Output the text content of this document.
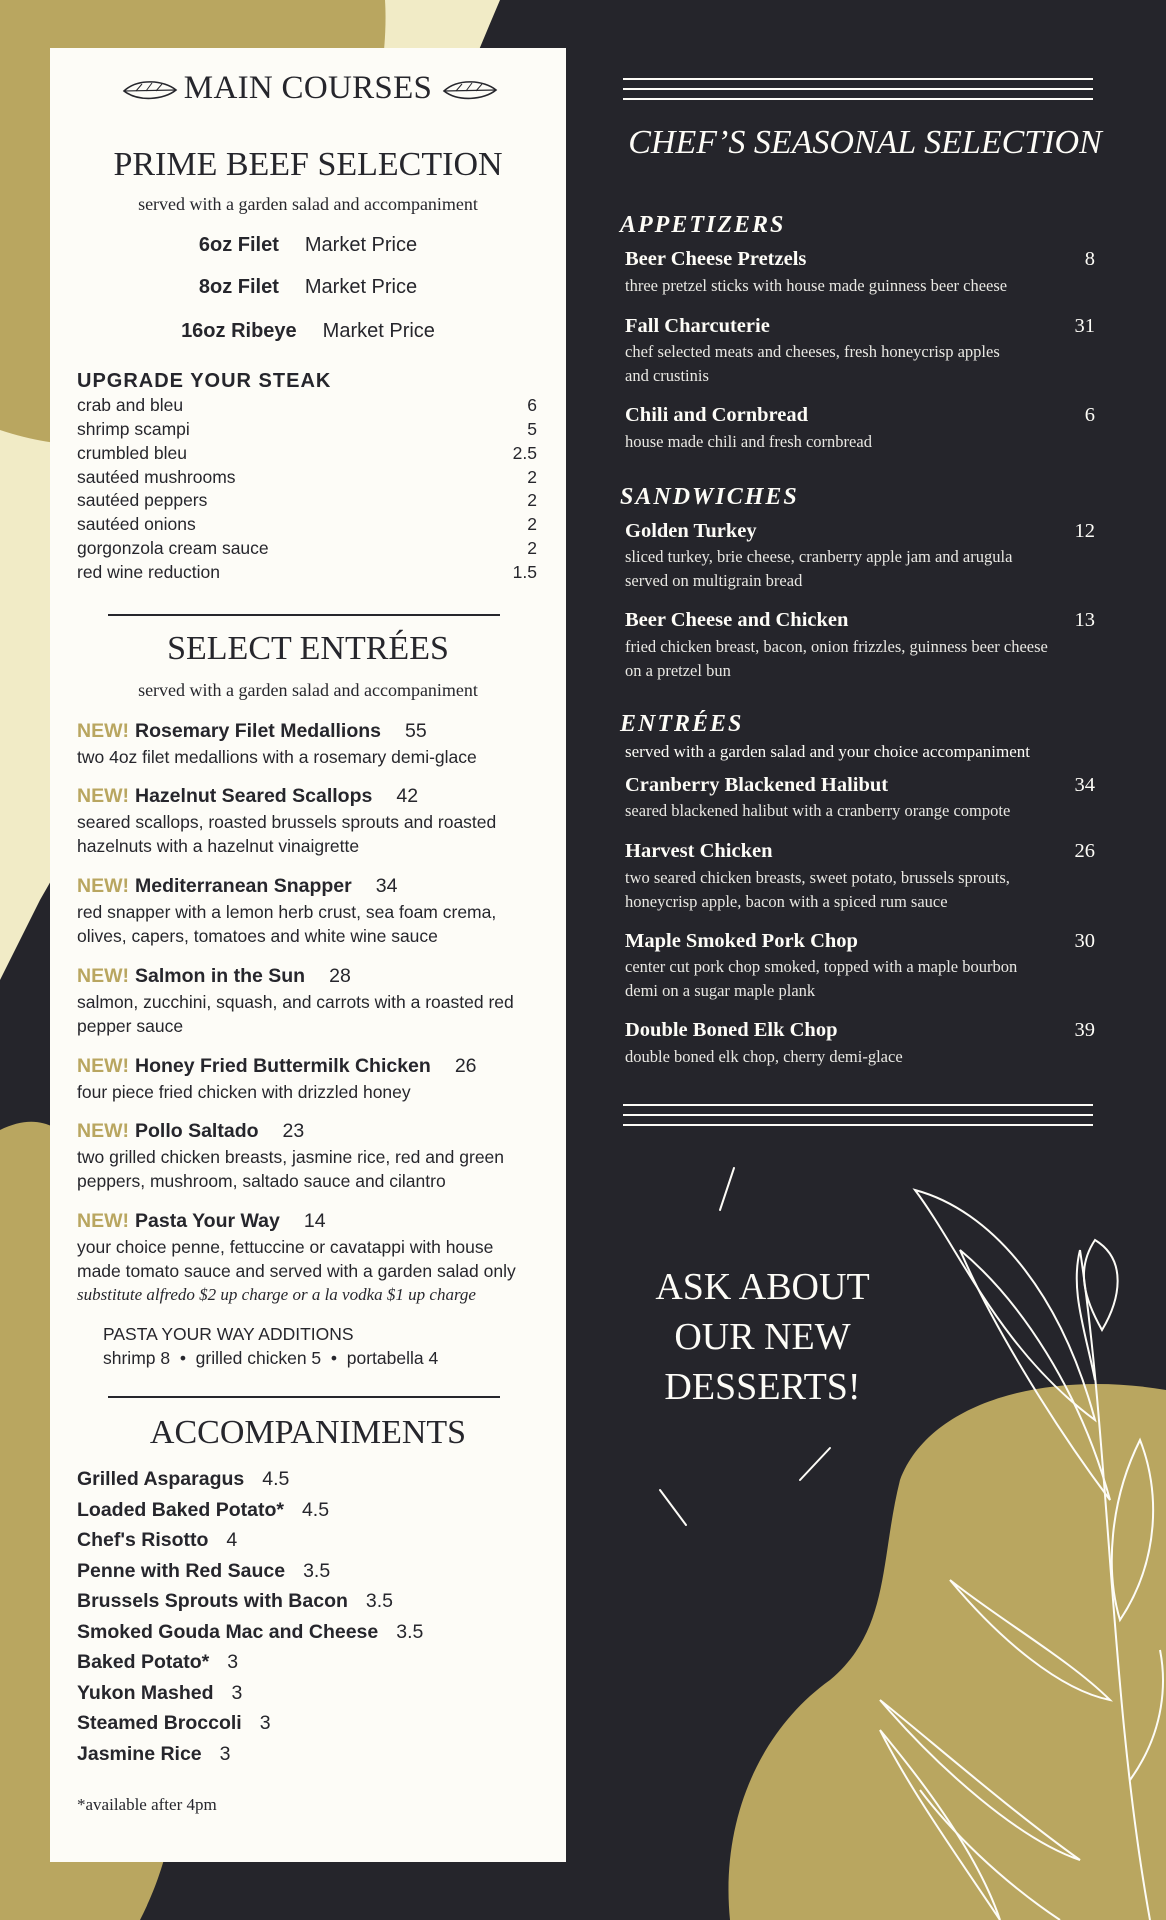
MAIN COURSES
PRIME BEEF SELECTION
served with a garden salad and accompaniment
6oz Filet Market Price
8oz Filet Market Price
16oz Ribeye Market Price
UPGRADE YOUR STEAK
crab and bleu	6
shrimp scampi	5
crumbled bleu	2.5
sautéed mushrooms	2
sautéed peppers	2
sautéed onions	2
gorgonzola cream sauce	2
red wine reduction	1.5
SELECT ENTRÉES
served with a garden salad and accompaniment
NEW! Rosemary Filet Medallions 55
two 4oz filet medallions with a rosemary demi-glace
NEW! Hazelnut Seared Scallops 42
seared scallops, roasted brussels sprouts and roasted
hazelnuts with a hazelnut vinaigrette
NEW! Mediterranean Snapper 34
red snapper with a lemon herb crust, sea foam crema,
olives, capers, tomatoes and white wine sauce
NEW! Salmon in the Sun 28
salmon, zucchini, squash, and carrots with a roasted red
pepper sauce
NEW! Honey Fried Buttermilk Chicken 26
four piece fried chicken with drizzled honey
NEW! Pollo Saltado 23
two grilled chicken breasts, jasmine rice, red and green
peppers, mushroom, saltado sauce and cilantro
NEW! Pasta Your Way 14
your choice penne, fettuccine or cavatappi with house
made tomato sauce and served with a garden salad only
substitute alfredo $2 up charge or a la vodka $1 up charge
PASTA YOUR WAY ADDITIONS
shrimp 8  •  grilled chicken 5  •  portabella 4
ACCOMPANIMENTS
Grilled Asparagus 4.5
Loaded Baked Potato* 4.5
Chef's Risotto 4
Penne with Red Sauce 3.5
Brussels Sprouts with Bacon 3.5
Smoked Gouda Mac and Cheese 3.5
Baked Potato* 3
Yukon Mashed 3
Steamed Broccoli 3
Jasmine Rice 3
*available after 4pm
CHEF’S SEASONAL SELECTION
APPETIZERS
Beer Cheese Pretzels	8
three pretzel sticks with house made guinness beer cheese
Fall Charcuterie	31
chef selected meats and cheeses, fresh honeycrisp apples
and crustinis
Chili and Cornbread	6
house made chili and fresh cornbread
SANDWICHES
Golden Turkey	12
sliced turkey, brie cheese, cranberry apple jam and arugula
served on multigrain bread
Beer Cheese and Chicken	13
fried chicken breast, bacon, onion frizzles, guinness beer cheese
on a pretzel bun
ENTRÉES
served with a garden salad and your choice accompaniment
Cranberry Blackened Halibut	34
seared blackened halibut with a cranberry orange compote
Harvest Chicken	26
two seared chicken breasts, sweet potato, brussels sprouts,
honeycrisp apple, bacon with a spiced rum sauce
Maple Smoked Pork Chop	30
center cut pork chop smoked, topped with a maple bourbon
demi on a sugar maple plank
Double Boned Elk Chop	39
double boned elk chop, cherry demi-glace
ASK ABOUT
OUR NEW
DESSERTS!
